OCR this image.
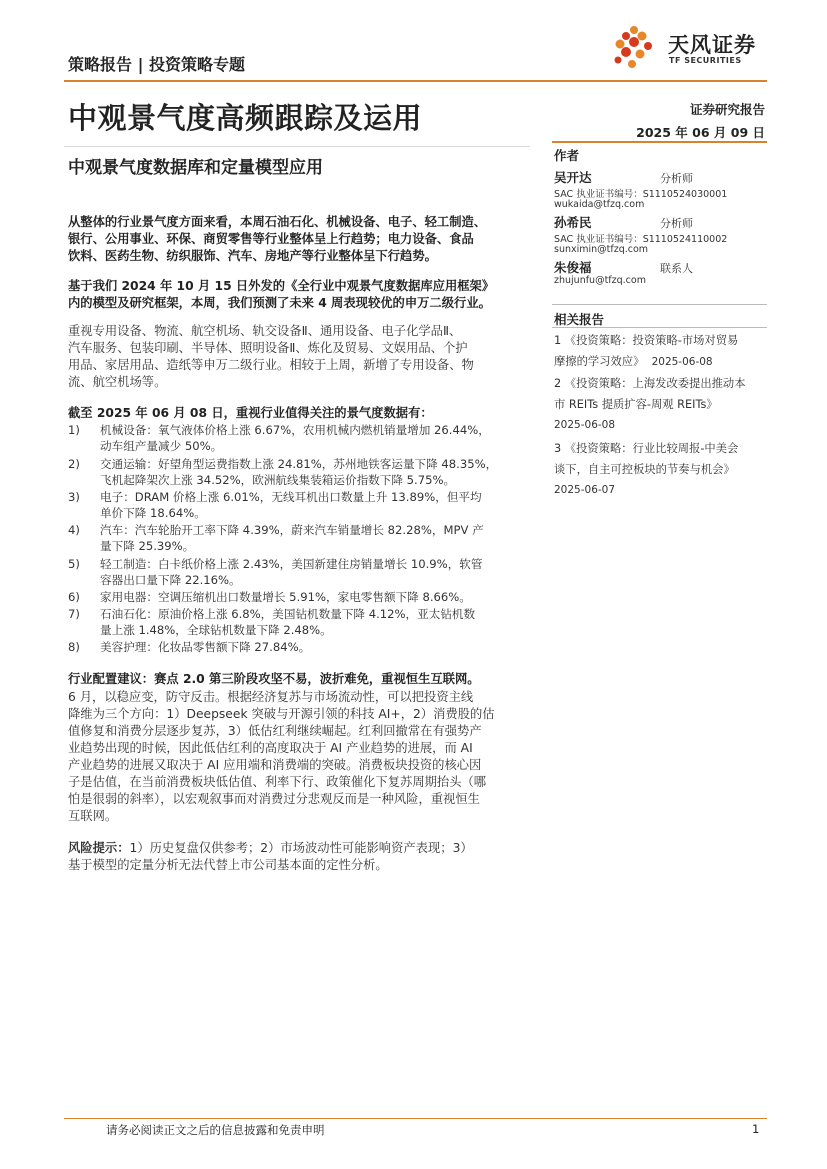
策略报告 | 投资策略专题
天风证券
TF SECURITIES
中观景气度高频跟踪及运用
中观景气度数据库和定量模型应用
证券研究报告
2025 年 06 月 09 日
作者
吴开达	分析师
SAC 执业证书编号：S1110524030001
wukaida@tfzq.com
孙希民	分析师
SAC 执业证书编号：S1110524110002
sunximin@tfzq.com
朱俊福	联系人
zhujunfu@tfzq.com
相关报告
1 《投资策略：投资策略-市场对贸易
摩擦的学习效应》 2025-06-08
2 《投资策略：上海发改委提出推动本
市 REITs 提质扩容-周观 REITs》
2025-06-08
3 《投资策略：行业比较周报-中美会
谈下，自主可控板块的节奏与机会》
2025-06-07
从整体的行业景气度方面来看，本周石油石化、机械设备、电子、轻工制造、
银行、公用事业、环保、商贸零售等行业整体呈上行趋势；电力设备、食品
饮料、医药生物、纺织服饰、汽车、房地产等行业整体呈下行趋势。
基于我们 2024 年 10 月 15 日外发的《全行业中观景气度数据库应用框架》
内的模型及研究框架，本周，我们预测了未来 4 周表现较优的申万二级行业。
重视专用设备、物流、航空机场、轨交设备Ⅱ、通用设备、电子化学品Ⅱ、
汽车服务、包装印刷、半导体、照明设备Ⅱ、炼化及贸易、文娱用品、个护
用品、家居用品、造纸等申万二级行业。相较于上周，新增了专用设备、物
流、航空机场等。
截至 2025 年 06 月 08 日，重视行业值得关注的景气度数据有：
1)	机械设备：氧气液体价格上涨 6.67%，农用机械内燃机销量增加 26.44%，
动车组产量减少 50%。
2)	交通运输：好望角型运费指数上涨 24.81%，苏州地铁客运量下降 48.35%，
飞机起降架次上涨 34.52%，欧洲航线集装箱运价指数下降 5.75%。
3)	电子：DRAM 价格上涨 6.01%，无线耳机出口数量上升 13.89%，但平均
单价下降 18.64%。
4)	汽车：汽车轮胎开工率下降 4.39%，蔚来汽车销量增长 82.28%，MPV 产
量下降 25.39%。
5)	轻工制造：白卡纸价格上涨 2.43%，美国新建住房销量增长 10.9%，软管
容器出口量下降 22.16%。
6)	家用电器：空调压缩机出口数量增长 5.91%，家电零售额下降 8.66%。
7)	石油石化：原油价格上涨 6.8%，美国钻机数量下降 4.12%，亚太钻机数
量上涨 1.48%，全球钻机数量下降 2.48%。
8)	美容护理：化妆品零售额下降 27.84%。
行业配置建议：赛点 2.0 第三阶段攻坚不易，波折难免，重视恒生互联网。
6 月，以稳应变，防守反击。根据经济复苏与市场流动性，可以把投资主线
降维为三个方向：1）Deepseek 突破与开源引领的科技 AI+，2）消费股的估
值修复和消费分层逐步复苏，3）低估红利继续崛起。红利回撤常在有强势产
业趋势出现的时候，因此低估红利的高度取决于 AI 产业趋势的进展，而 AI
产业趋势的进展又取决于 AI 应用端和消费端的突破。消费板块投资的核心因
子是估值，在当前消费板块低估值、利率下行、政策催化下复苏周期抬头（哪
怕是很弱的斜率），以宏观叙事而对消费过分悲观反而是一种风险，重视恒生
互联网。
风险提示：1）历史复盘仅供参考；2）市场波动性可能影响资产表现；3）
基于模型的定量分析无法代替上市公司基本面的定性分析。
请务必阅读正文之后的信息披露和免责申明	1
